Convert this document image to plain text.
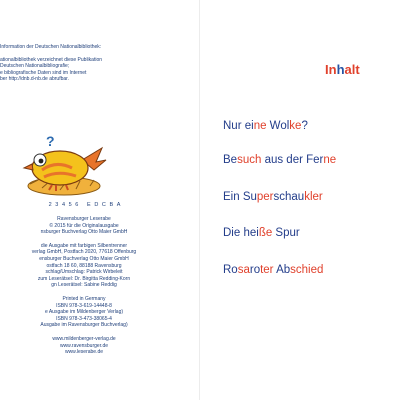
Information der Deutschen Nationalbibliothek:

ationalbibliothek verzeichnet diese Publikation

Deutschen Nationalbibliografie;

e bibliografische Daten sind im Internet

ber http://dnb.d-nb.de abrufbar.

?
23456 EDCBA

Ravensburger Leserabe

© 2015 für die Originalausgabe

nsburger Buchverlag Otto Maier GmbH

die Ausgabe mit farbigen Silbentrenner

verlag GmbH, Postfach 2020, 77618 Offenburg

ensburger Buchverlag Otto Maier GmbH

ostfach 18 60, 88188 Ravensburg

schlag/Umschlag: Patrick Wirbeleit

zum Leserätsel: Dr. Birgitta Redding-Korn

gn Leserätsel: Sabine Reddig

Printed in Germany

ISBN 978-3-619-14448-8

e Ausgabe im Mildenberger Verlag)

ISBN 978-3-473-38065-4

Ausgabe im Ravensburger Buchverlag)

www.mildenberger-verlag.de

www.ravensburger.de

www.leserabe.de

Inhalt
Nur eine Wolke?
Besuch aus der Ferne
Ein Superschaukler
Die heiße Spur
Rosaroter Abschied
